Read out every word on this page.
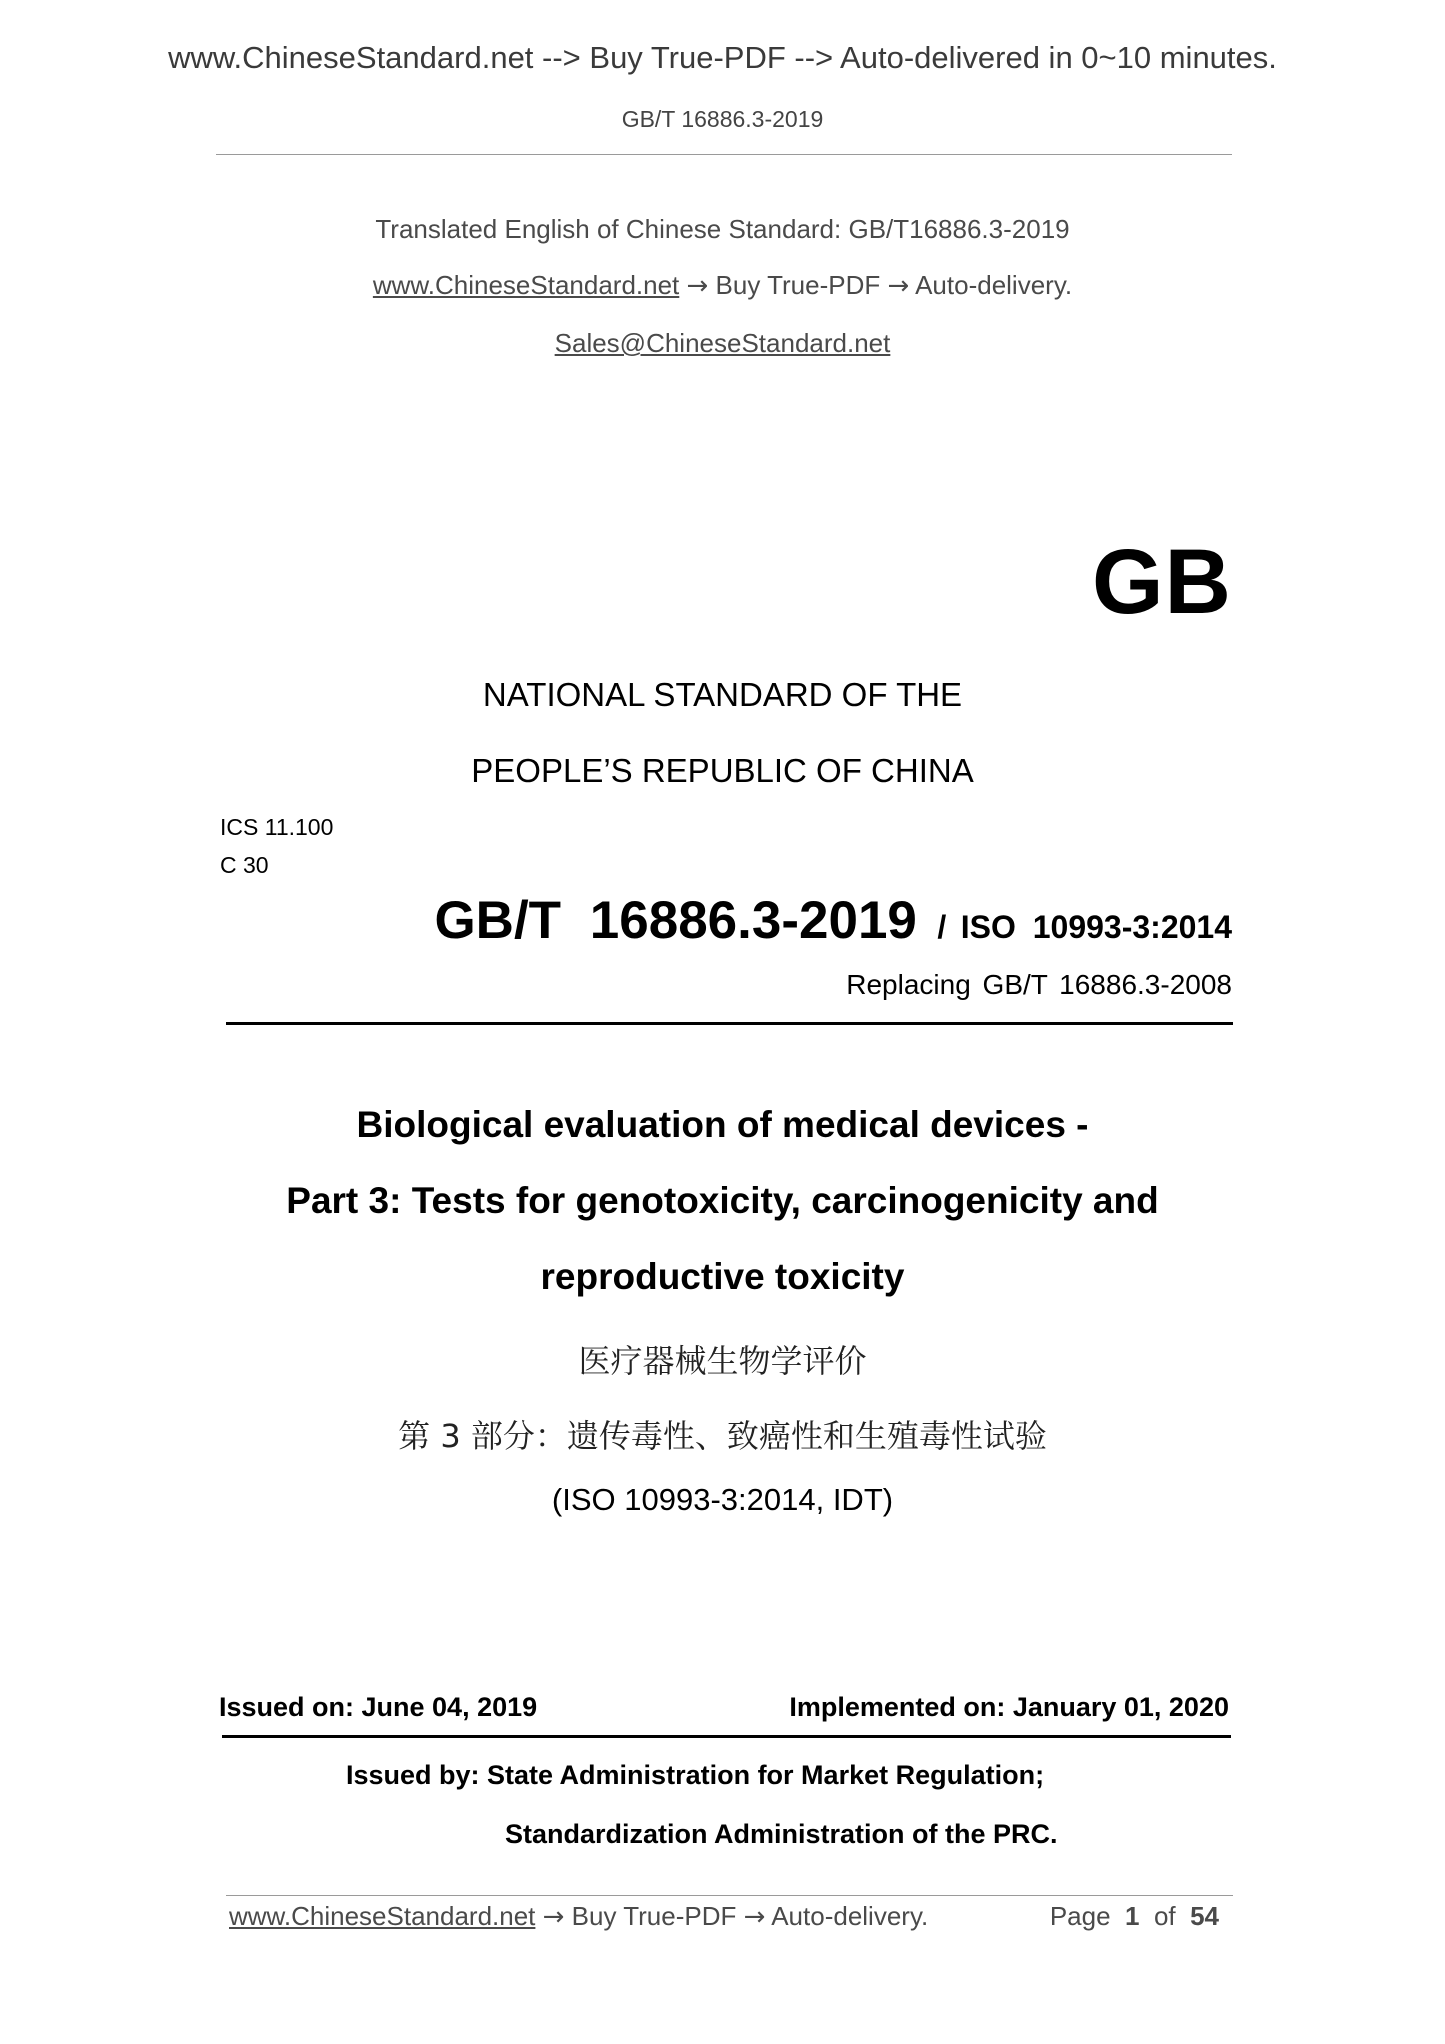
www.ChineseStandard.net --> Buy True-PDF --> Auto-delivered in 0~10 minutes.
GB/T 16886.3-2019
Translated English of Chinese Standard: GB/T16886.3-2019
www.ChineseStandard.net → Buy True-PDF → Auto-delivery.
Sales@ChineseStandard.net
GB
NATIONAL STANDARD OF THE
PEOPLE’S REPUBLIC OF CHINA
ICS 11.100
C 30
GB/T 16886.3-2019 / ISO 10993-3:2014
Replacing GB/T 16886.3-2008
Biological evaluation of medical devices -
Part 3: Tests for genotoxicity, carcinogenicity and
reproductive toxicity
医疗器械生物学评价
第 3 部分：遗传毒性、致癌性和生殖毒性试验
(ISO 10993-3:2014, IDT)
Issued on: June 04, 2019	Implemented on: January 01, 2020
Issued by: State Administration for Market Regulation;
Standardization Administration of the PRC.
www.ChineseStandard.net → Buy True-PDF → Auto-delivery.	Page 1 of 54
